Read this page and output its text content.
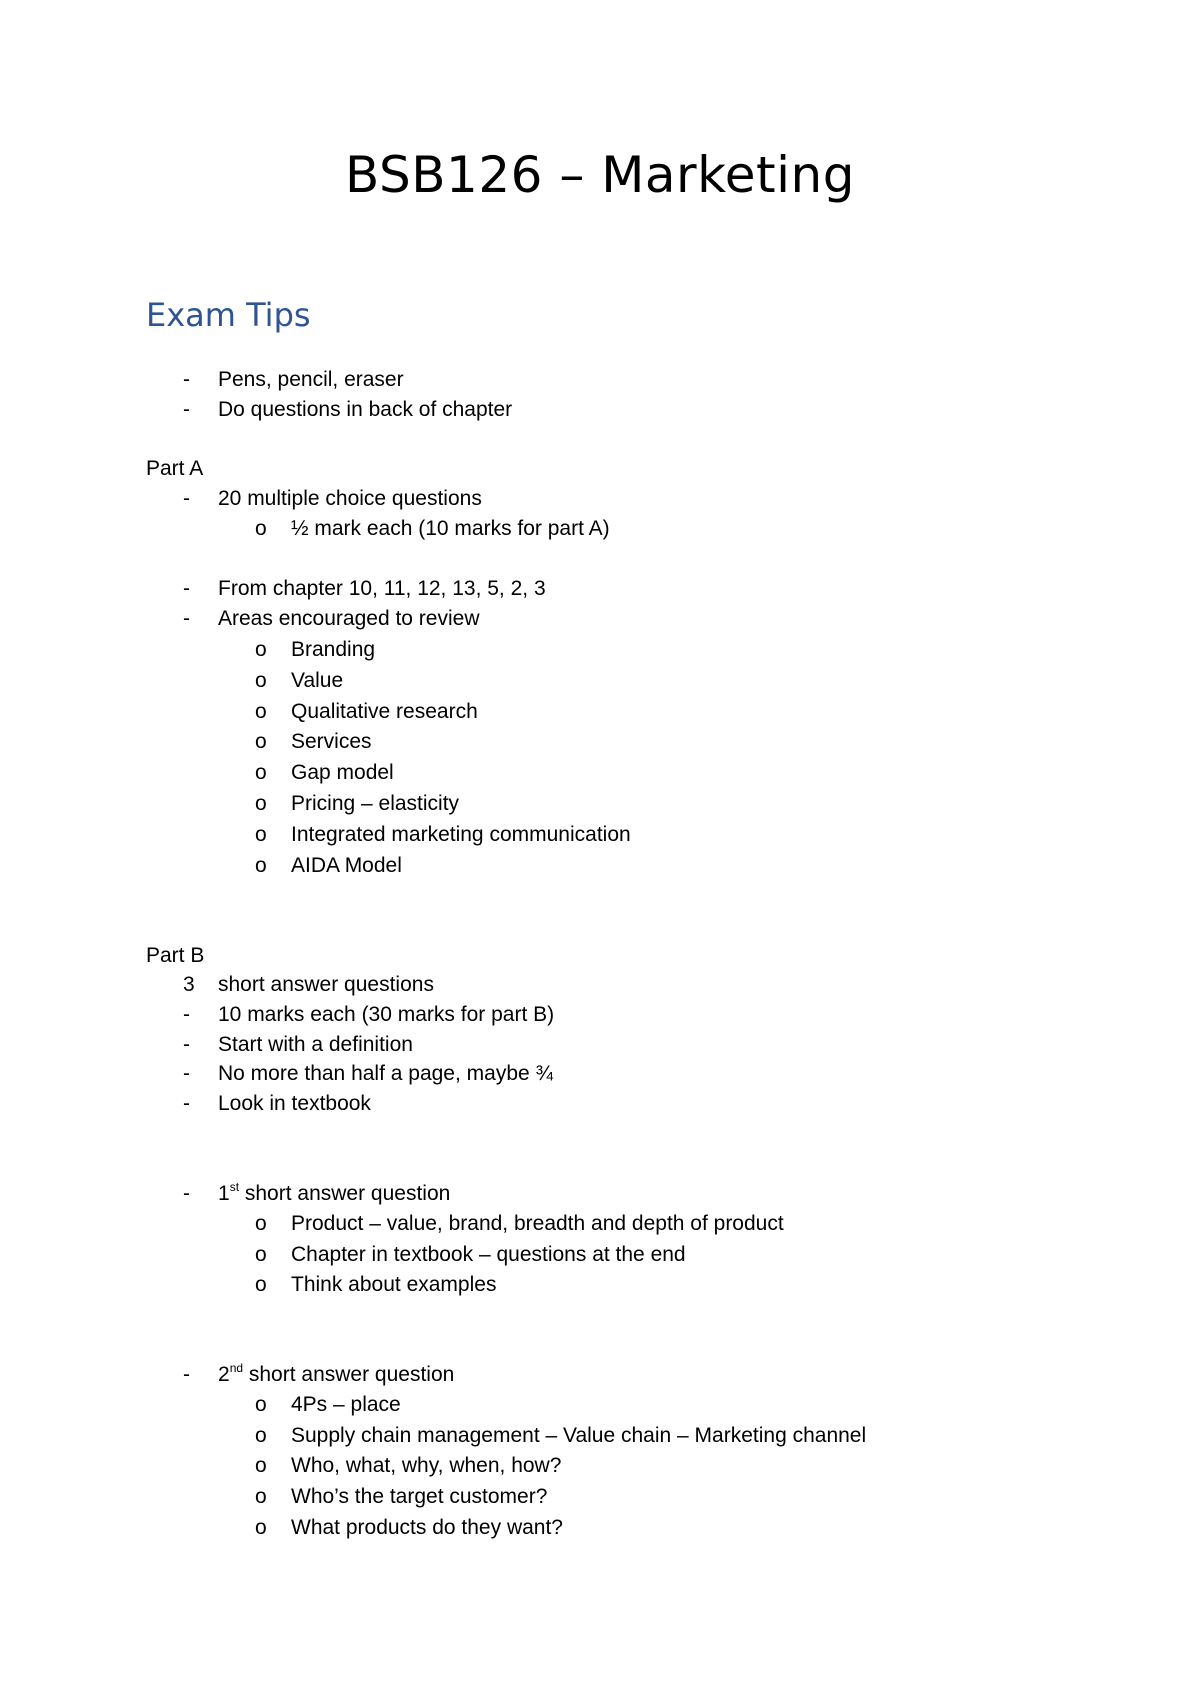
BSB126 – Marketing
Exam Tips
- Pens, pencil, eraser
- Do questions in back of chapter
Part A
- 20 multiple choice questions
o ½ mark each (10 marks for part A)
- From chapter 10, 11, 12, 13, 5, 2, 3
- Areas encouraged to review
o Branding
o Value
o Qualitative research
o Services
o Gap model
o Pricing – elasticity
o Integrated marketing communication
o AIDA Model
Part B
3 short answer questions
- 10 marks each (30 marks for part B)
- Start with a definition
- No more than half a page, maybe ¾
- Look in textbook
- 1st short answer question
o Product – value, brand, breadth and depth of product
o Chapter in textbook – questions at the end
o Think about examples
- 2nd short answer question
o 4Ps – place
o Supply chain management – Value chain – Marketing channel
o Who, what, why, when, how?
o Who’s the target customer?
o What products do they want?
